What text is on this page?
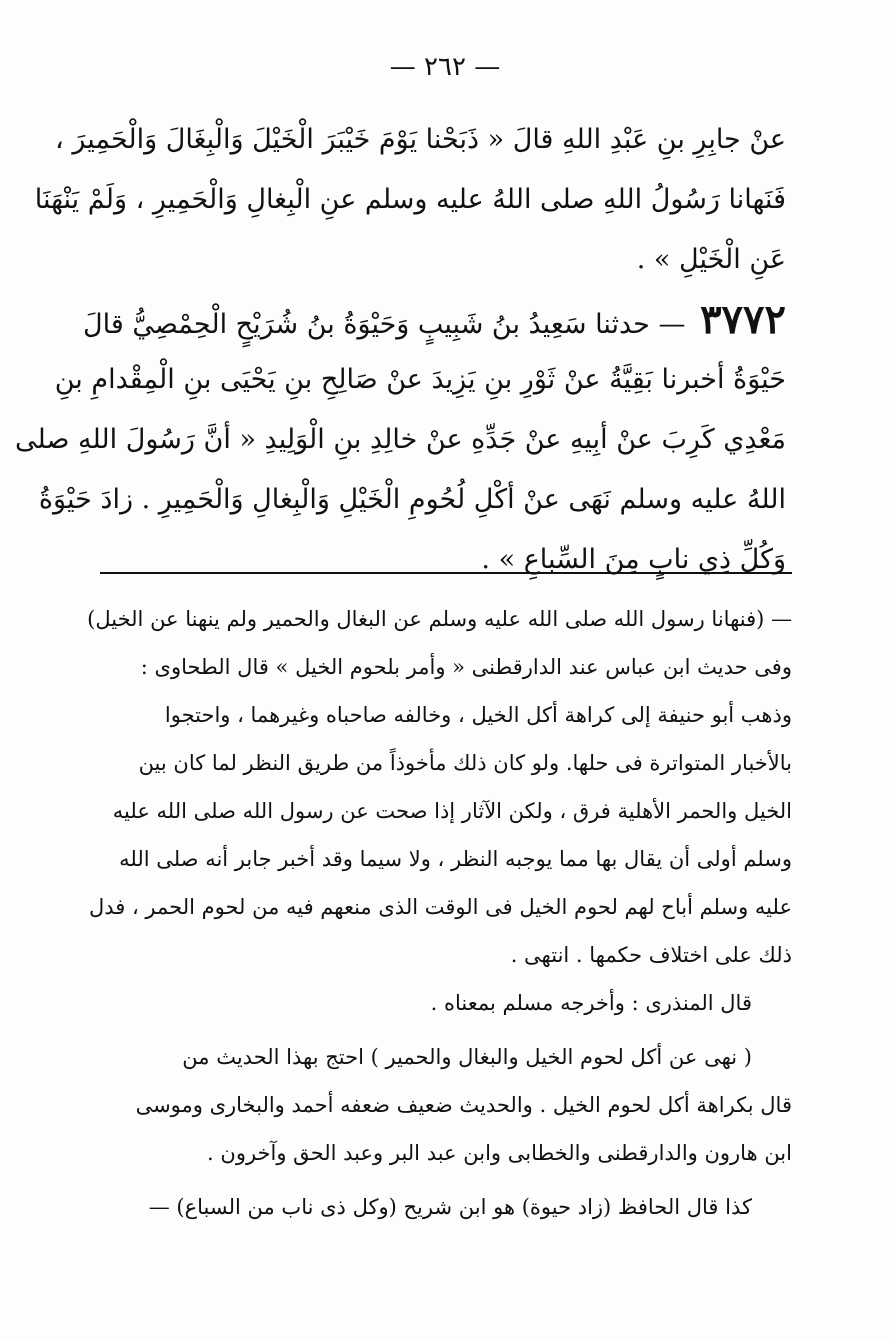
— ٢٦٢ —
عنْ جابِرِ بنِ عَبْدِ اللهِ قالَ « ذَبَحْنا يَوْمَ خَيْبَرَ الْخَيْلَ وَالْبِغَالَ وَالْحَمِيرَ ،
فَنَهانا رَسُولُ اللهِ صلى اللهُ عليه وسلم عنِ الْبِغالِ وَالْحَمِيرِ ، وَلَمْ يَنْهَنَا
عَنِ الْخَيْلِ » .
٣٧٧٢ — حدثنا سَعِيدُ بنُ شَبِيبٍ وَحَيْوَةُ بنُ شُرَيْحٍ الْحِمْصِيُّ قالَ
حَيْوَةُ أخبرنا بَقِيَّةُ عنْ ثَوْرِ بنِ يَزِيدَ عنْ صَالِحِ بنِ يَحْيَى بنِ الْمِقْدامِ بنِ
مَعْدِي كَرِبَ عنْ أبِيهِ عنْ جَدِّهِ عنْ خالِدِ بنِ الْوَلِيدِ « أنَّ رَسُولَ اللهِ صلى
اللهُ عليه وسلم نَهَى عنْ أكْلِ لُحُومِ الْخَيْلِ وَالْبِغالِ وَالْحَمِيرِ . زادَ حَيْوَةُ
وَكُلِّ ذِي نابٍ مِنَ السِّباعِ » .
— (فنهانا رسول الله صلى الله عليه وسلم عن البغال والحمير ولم ينهنا عن الخيل)
وفى حديث ابن عباس عند الدارقطنى « وأمر بلحوم الخيل » قال الطحاوى :
وذهب أبو حنيفة إلى كراهة أكل الخيل ، وخالفه صاحباه وغيرهما ، واحتجوا
بالأخبار المتواترة فى حلها. ولو كان ذلك مأخوذاً من طريق النظر لما كان بين
الخيل والحمر الأهلية فرق ، ولكن الآثار إذا صحت عن رسول الله صلى الله عليه
وسلم أولى أن يقال بها مما يوجبه النظر ، ولا سيما وقد أخبر جابر أنه صلى الله
عليه وسلم أباح لهم لحوم الخيل فى الوقت الذى منعهم فيه من لحوم الحمر ، فدل
ذلك على اختلاف حكمها . انتهى .
قال المنذرى : وأخرجه مسلم بمعناه .
( نهى عن أكل لحوم الخيل والبغال والحمير ) احتج بهذا الحديث من
قال بكراهة أكل لحوم الخيل . والحديث ضعيف ضعفه أحمد والبخارى وموسى
ابن هارون والدارقطنى والخطابى وابن عبد البر وعبد الحق وآخرون .
كذا قال الحافظ (زاد حيوة) هو ابن شريح (وكل ذى ناب من السباع) —
